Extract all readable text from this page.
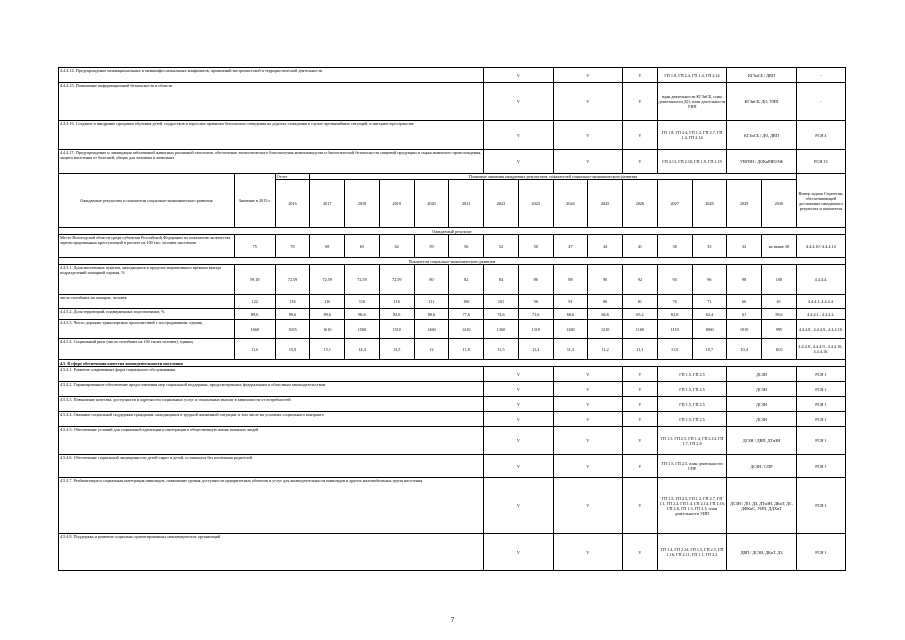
4.4.4.14. Предупреждение межнациональных и межконфессиональных конфликтов, проявлений экстремистской и террористической деятельности								V		V		V	ГП 1.8, ГП 2.4, ГП 1.4, ГП 2.14		КГЗиСБ / ДВП		-
4.4.4.15. Повышение информационной безопасности в области								V		V		V	вдан деятельности КГЗиСБ, план деятельности ДО, план деятельности УИП		КГЗиСБ, ДО, УИП		-
4.4.4.16. Создание и внедрение программ обучения детей, подростков и взрослых правилам безопасного поведения на дорогах, поведения в случае чрезвычайных ситуаций, в интернет-пространстве								V		V		V	ГП 1.8, ГП 2.4, ГП 1.2, ГП 2.7, ГП 1.4, ГП 2.14		КГЗиСБ / ДО, ДВП		РСН 4
4.4.4.17. Предупреждение и ликвидация заболеваний животных различной этиологии, обеспечение эпизоотического благополучия животноводства и биологической безопасности пищевой продукции и сырья животного происхождения, защита населения от болезней, общих для человека и животных								V		V		V	ГП 4.13, ГП 2.10, ГП 1.9, ГП 2.19		УВГВН / ДОКиРИОЭЖ		РСН 13
Ожидаемые результаты и показатели социально-экономического развития	Значение в 2015 г.	Отчет	Плановые значения ожидаемых результатов, показателей социально-экономического развития														Номер задачи Стратегии, обеспечивающей достижение ожидаемого результата и показателя
		2016	2017	2018	2019	2020	2021	2022	2023	2024	2025	2026	2027	2028	2029	2030	
Ожидаемый результат																	
Место Вологодской области среди субъектов Российской Федерации по показателю количества зарегистрированных преступлений в расчете на 100 тыс. человек населения	75	78	68	65	62	59	56	52	50	47	44	41	38	35	32	не выше 30	4.4.4.10.-4.4.4.14
Показатели социально-экономического развития																	
4.4.5.1. Доля населенных пунктов, находящихся в пределах нормативного времени выезда подразделений пожарной охраны, %	59,18	72,59	72,59	72,59	72,59	80	82	84	86	88	90	92	94	96	98	100	4.4.4.4.
число погибших на пожарах, человек	122	116	116	116	116	111	106	101	96	91	86	81	76	71	66	61	4.4.4.1.,4.4.4.4.
4.4.5.2. Доля территорий, подверженных подтоплениям, %	89,6	89,6	89,6	86,6	83,6	80,6	77,6	74,6	71,6	68,6	66,6	65,2	63,8	62,4	61	59,6	4.4.4.1., 4.4.4.2.
4.4.5.3. Число дорожно-транспортных происшествий с пострадавшими, единиц	1660	1655	1610	1560	1510	1460	1410	1360	1310	1260	1210	1160	1110	1060	1010	995	4.4.4.8., 4.4.4.9., 4.4.4.10.
4.4.5.4. Социальный риск (число погибших на 100 тысяч человек), единиц	11,6	15,9	15,1	14,4	13,5	12	11,8	11,5	11,4	11,3	11,2	11,1	11,0	10,7	10,4	10,0	4.4.4.8., 4.4.4.9., 4.4.4.10., 4.4.4.16.
4.5. В сфере обеспечения качества жизнедеятельности населения																	
4.5.4.1. Развитие современных форм социального обслуживания.								V		V		V	ГП 1.5, ГП 2.5		ДСЗН		РСН 1
4.5.4.2. Гарантированное обеспечение предоставления мер социальной поддержки, предусмотренных федеральным и областным законодательством								V		V		V	ГП 1.5, ГП 2.5		ДСЗН		РСН 1
4.5.4.3. Повышение качества, доступности и адресности социальных услуг и социальных выплат в зависимости от потребностей								V		V		V	ГП 1.5, ГП 2.5		ДСЗН		РСН 1
4.5.4.4. Оказание социальной поддержки гражданам, находящимся в трудной жизненной ситуации, в том числе на условиях социального контракта								V		V		V	ГП 1.5, ГП 2.5		ДСЗН		РСН 1
4.5.4.5. Обеспечение условий для социальной адаптации и интеграции в общественную жизнь пожилых людей								V		V		V	ГП 1.5, ГП 2.5, ГП 1.4, ГП 2.14, ГП 1.7, ГП 2.8		ДСЗН / ДВП, ДТиЗН		РСН 1
4.5.4.6. Обеспечение социальной защищенности детей-сирот и детей, оставшихся без попечения родителей								V		V		V	ГП 1.5, ГП 2.5, план деятельности СПР		ДСЗН / СПР		РСН 1
4.5.4.7. Реабилитация и социальная интеграция инвалидов, повышение уровня доступности приоритетных объектов и услуг для жизнедеятельности инвалидов и других маломобильных групп населения								V		V		V	ГП 1.5, ГП 2.5, ГП 1.2, ГП 2.7, ГП 1.1, ГП 2.2, ГП 1.4, ГП 2.14, ГП 1.16, ГП 2.8, ГП 1.3, ГП 2.3, план деятельности УИП		ДСЗН / ДО, ДЗ, ДТиЗН, ДКиТ, ДС, ДФКиС, УИП, ДДХиТ		РСН 1
4.5.4.8. Поддержка и развитие социально ориентированных некоммерческих организаций								V		V		V	ГП 1.4, ГП 2.14, ГП 1.5, ГП 2.5, ГП 1.16, ГП 2.11, ГП 1.1, ГП 2.2		ДВП / ДСЗН, ДКиТ, ДЗ		РСН 1
7
